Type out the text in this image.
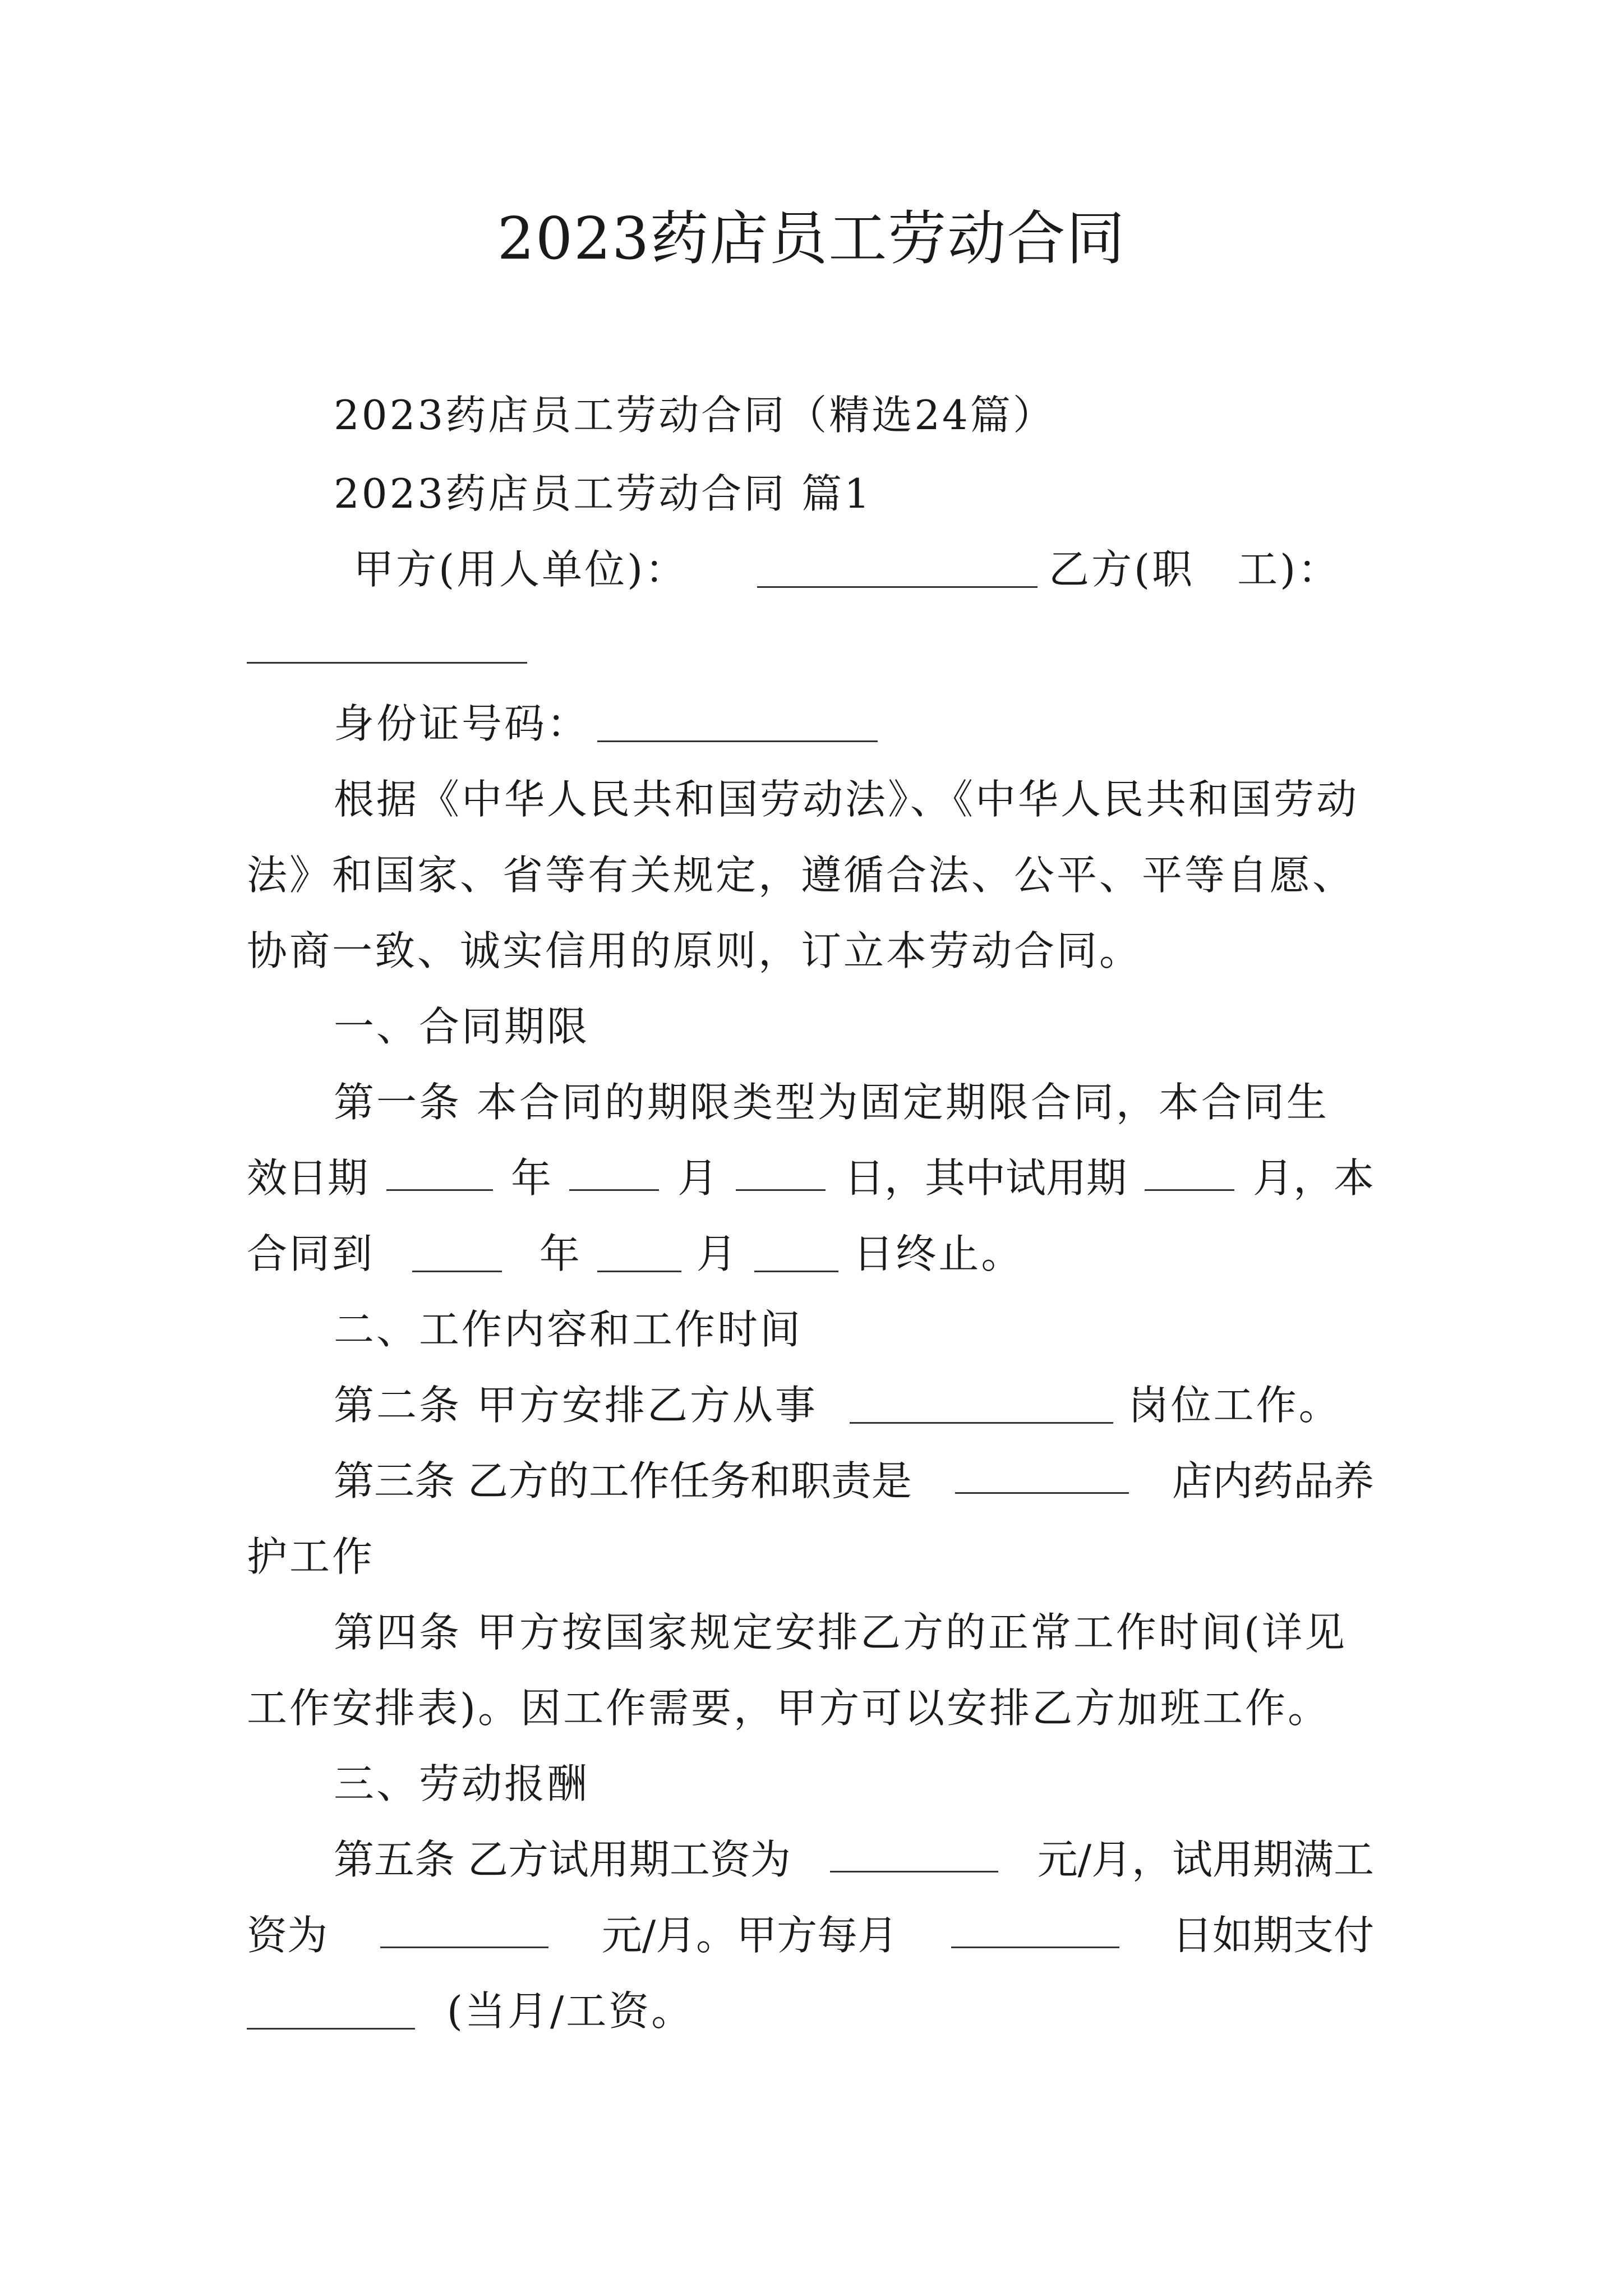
2023药店员工劳动合同
2023药店员工劳动合同（精选24篇）
2023药店员工劳动合同 篇1
甲方(用人单位)：	乙方(职　工)：
身份证号码：
根据《中华人民共和国劳动法》、《中华人民共和国劳动
法》和国家、省等有关规定，遵循合法、公平、平等自愿、
协商一致、诚实信用的原则，订立本劳动合同。
一、合同期限
第一条 本合同的期限类型为固定期限合同，本合同生
效日期	年	月	日，其中试用期	月，本
合同到	年	月	日终止。
二、工作内容和工作时间
第二条 甲方安排乙方从事	岗位工作。
第三条 乙方的工作任务和职责是	店内药品养
护工作
第四条 甲方按国家规定安排乙方的正常工作时间(详见
工作安排表)。因工作需要，甲方可以安排乙方加班工作。
三、劳动报酬
第五条 乙方试用期工资为	元/月，试用期满工
资为	元/月。甲方每月	日如期支付
(当月/工资。
